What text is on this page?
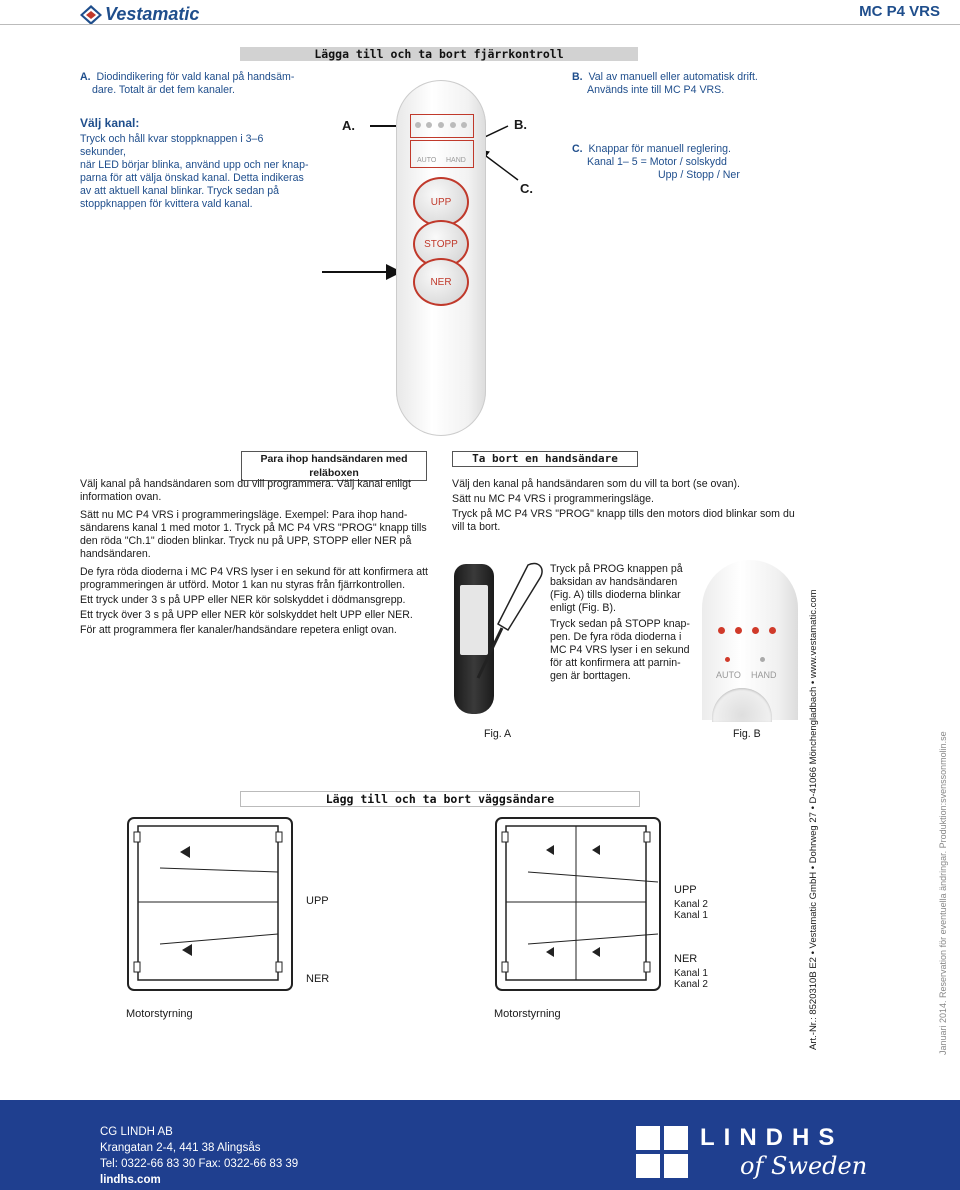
Vestamatic	MC P4 VRS
Lägga till och ta bort fjärrkontroll
A. Diodindikering för vald kanal på handsäm-
dare. Totalt är det fem kanaler.
B. Val av manuell eller automatisk drift.
Används inte till MC P4 VRS.
Välj kanal:
Tryck och håll kvar stoppknappen i 3–6 sekunder,
när LED börjar blinka, använd upp och ner knap-
parna för att välja önskad kanal. Detta indikeras
av att aktuell kanal blinkar. Tryck sedan på
stoppknappen för kvittera vald kanal.
C. Knappar för manuell reglering.
Kanal 1– 5 = Motor / solskydd
Upp / Stopp / Ner
A.	B.
C.
AUTO HAND
UPP
STOPP
NER
Para ihop handsändaren med reläboxen
Välj kanal på handsändaren som du vill programmera. Välj kanal enligt
information ovan.
Sätt nu MC P4 VRS i programmeringsläge. Exempel: Para ihop hand-
sändarens kanal 1 med motor 1. Tryck på MC P4 VRS "PROG" knapp tills
den röda "Ch.1" dioden blinkar. Tryck nu på UPP, STOPP eller NER på
handsändaren.
De fyra röda dioderna i MC P4 VRS lyser i en sekund för att konfirmera att
programmeringen är utförd. Motor 1 kan nu styras från fjärrkontrollen.
Ett tryck under 3 s på UPP eller NER kör solskyddet i dödmansgrepp.
Ett tryck över 3 s på UPP eller NER kör solskyddet helt UPP eller NER.
För att programmera fler kanaler/handsändare repetera enligt ovan.
Ta bort en handsändare
Välj den kanal på handsändaren som du vill ta bort (se ovan).
Sätt nu MC P4 VRS i programmeringsläge.
Tryck på MC P4 VRS "PROG" knapp tills den motors diod blinkar som du
vill ta bort.
Fig. A
Tryck på PROG knappen på
baksidan av handsändaren
(Fig. A) tills dioderna blinkar
enligt (Fig. B).
Tryck sedan på STOPP knap-
pen. De fyra röda dioderna i
MC P4 VRS lyser i en sekund
för att konfirmera att parnin-
gen är borttagen.	AUTO HAND
Fig. B
Lägg till och ta bort väggsändare
UPP
NER
Motorstyrning
UPP
Kanal 2
Kanal 1
NER
Kanal 1
Kanal 2
Motorstyrning	Art.-Nr.: 8520310B E2 • Vestamatic GmbH • Dohrweg 27 • D-41066 Mönchengladbach • www.vestamatic.com	Januari 2014. Reservation för eventuella ändringar. Produktion:svenssonmolin.se
CG LINDH AB
Krangatan 2-4, 441 38 Alingsås
Tel: 0322-66 83 30 Fax: 0322-66 83 39
lindhs.com
LINDHS
of Sweden
